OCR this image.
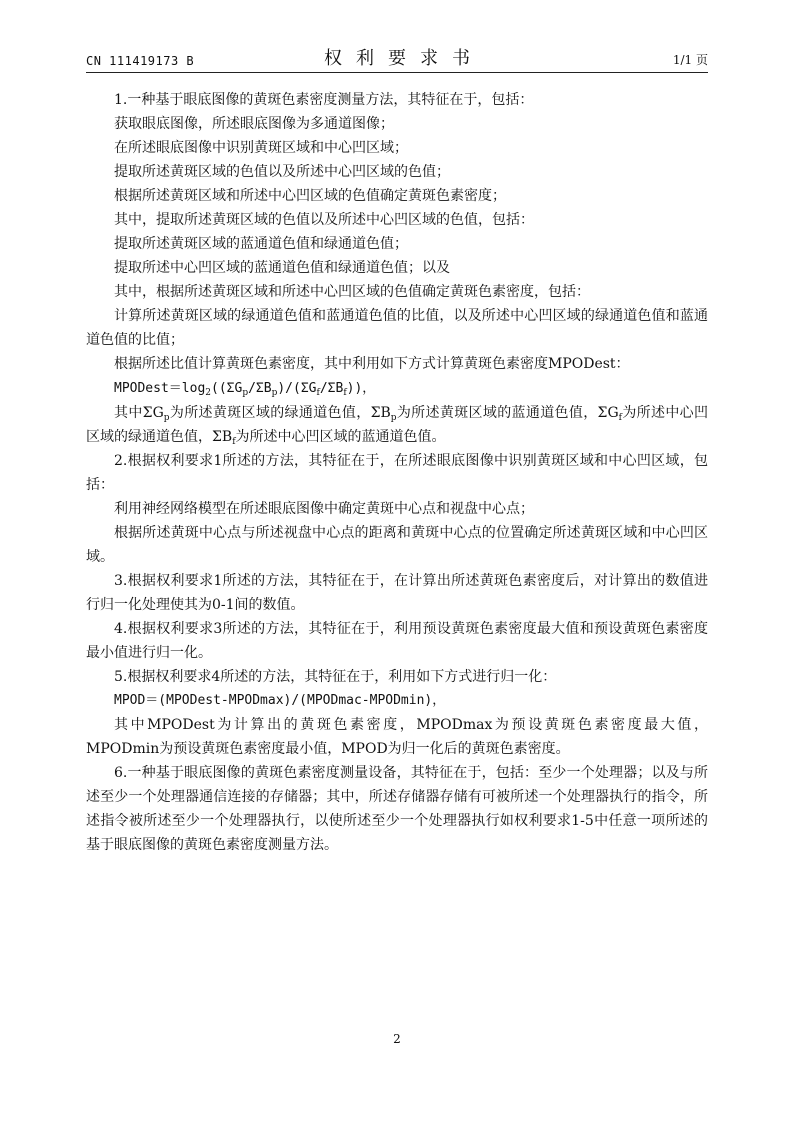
CN 111419173 B	权利要求书	1/1 页

1.一种基于眼底图像的黄斑色素密度测量方法，其特征在于，包括：

获取眼底图像，所述眼底图像为多通道图像；

在所述眼底图像中识别黄斑区域和中心凹区域；

提取所述黄斑区域的色值以及所述中心凹区域的色值；

根据所述黄斑区域和所述中心凹区域的色值确定黄斑色素密度；

其中，提取所述黄斑区域的色值以及所述中心凹区域的色值，包括：

提取所述黄斑区域的蓝通道色值和绿通道色值；

提取所述中心凹区域的蓝通道色值和绿通道色值；以及

其中，根据所述黄斑区域和所述中心凹区域的色值确定黄斑色素密度，包括：

计算所述黄斑区域的绿通道色值和蓝通道色值的比值，以及所述中心凹区域的绿通道色值和蓝通道色值的比值；

根据所述比值计算黄斑色素密度，其中利用如下方式计算黄斑色素密度MPODest：

$MPODest=\log_2((\Sigma G_p/\Sigma B_p)/(\Sigma G_f/\Sigma B_f))$，

其中$\Sigma G_p$为所述黄斑区域的绿通道色值，$\Sigma B_p$为所述黄斑区域的蓝通道色值，$\Sigma G_f$为所述中心凹区域的绿通道色值，$\Sigma B_f$为所述中心凹区域的蓝通道色值。

2.根据权利要求1所述的方法，其特征在于，在所述眼底图像中识别黄斑区域和中心凹区域，包括：

利用神经网络模型在所述眼底图像中确定黄斑中心点和视盘中心点；

根据所述黄斑中心点与所述视盘中心点的距离和黄斑中心点的位置确定所述黄斑区域和中心凹区域。

3.根据权利要求1所述的方法，其特征在于，在计算出所述黄斑色素密度后，对计算出的数值进行归一化处理使其为0-1间的数值。

4.根据权利要求3所述的方法，其特征在于，利用预设黄斑色素密度最大值和预设黄斑色素密度最小值进行归一化。

5.根据权利要求4所述的方法，其特征在于，利用如下方式进行归一化：

MPOD＝(MPODest-MPODmax)/(MPODmac-MPODmin)，

其中MPODest为计算出的黄斑色素密度，MPODmax为预设黄斑色素密度最大值，MPODmin为预设黄斑色素密度最小值，MPOD为归一化后的黄斑色素密度。

6.一种基于眼底图像的黄斑色素密度测量设备，其特征在于，包括：至少一个处理器；以及与所述至少一个处理器通信连接的存储器；其中，所述存储器存储有可被所述一个处理器执行的指令，所述指令被所述至少一个处理器执行，以使所述至少一个处理器执行如权利要求1-5中任意一项所述的基于眼底图像的黄斑色素密度测量方法。

2
